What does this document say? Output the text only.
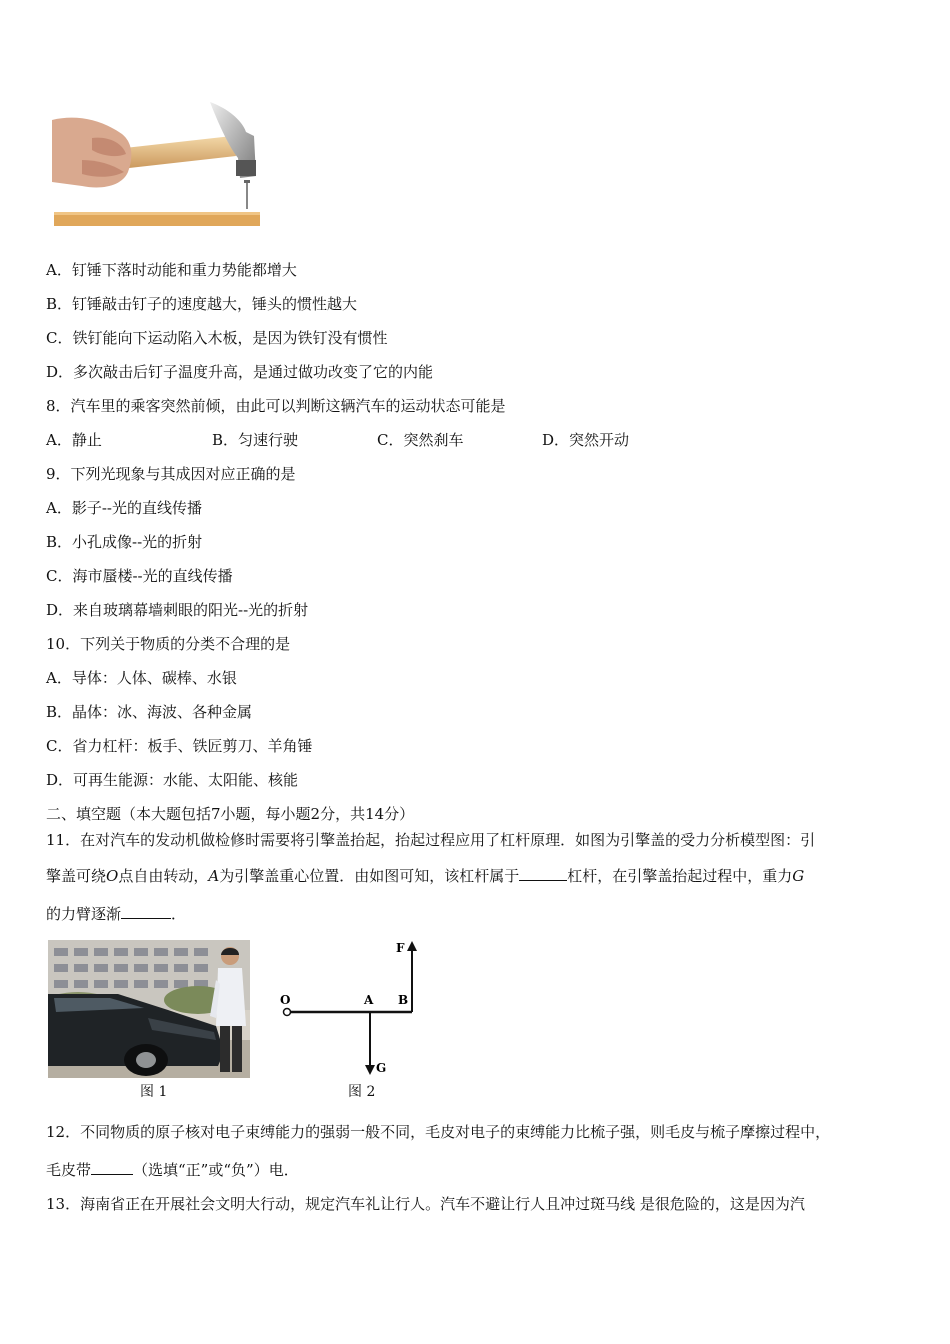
A．钉锤下落时动能和重力势能都增大
B．钉锤敲击钉子的速度越大，锤头的惯性越大
C．铁钉能向下运动陷入木板，是因为铁钉没有惯性
D．多次敲击后钉子温度升高，是通过做功改变了它的内能
8．汽车里的乘客突然前倾，由此可以判断这辆汽车的运动状态可能是
A．静止	B．匀速行驶	C．突然刹车	D．突然开动
9．下列光现象与其成因对应正确的是
A．影子--光的直线传播
B．小孔成像--光的折射
C．海市蜃楼--光的直线传播
D．来自玻璃幕墙刺眼的阳光--光的折射
10．下列关于物质的分类不合理的是
A．导体：人体、碳棒、水银
B．晶体：冰、海波、各种金属
C．省力杠杆：板手、铁匠剪刀、羊角锤
D．可再生能源：水能、太阳能、核能
二、填空题（本大题包括7小题，每小题2分，共14分）
11．在对汽车的发动机做检修时需要将引擎盖抬起，抬起过程应用了杠杆原理．如图为引擎盖的受力分析模型图：引
擎盖可绕O点自由转动，A为引擎盖重心位置．由如图可知，该杠杆属于	杠杆，在引擎盖抬起过程中，重力G
的力臂逐渐	．
图 1
O	A B
F
G
图 2
12．不同物质的原子核对电子束缚能力的强弱一般不同，毛皮对电子的束缚能力比梳子强，则毛皮与梳子摩擦过程中，
毛皮带	（选填“正”或“负”）电．
13．海南省正在开展社会文明大行动，规定汽车礼让行人。汽车不避让行人且冲过斑马线 是很危险的，这是因为汽
